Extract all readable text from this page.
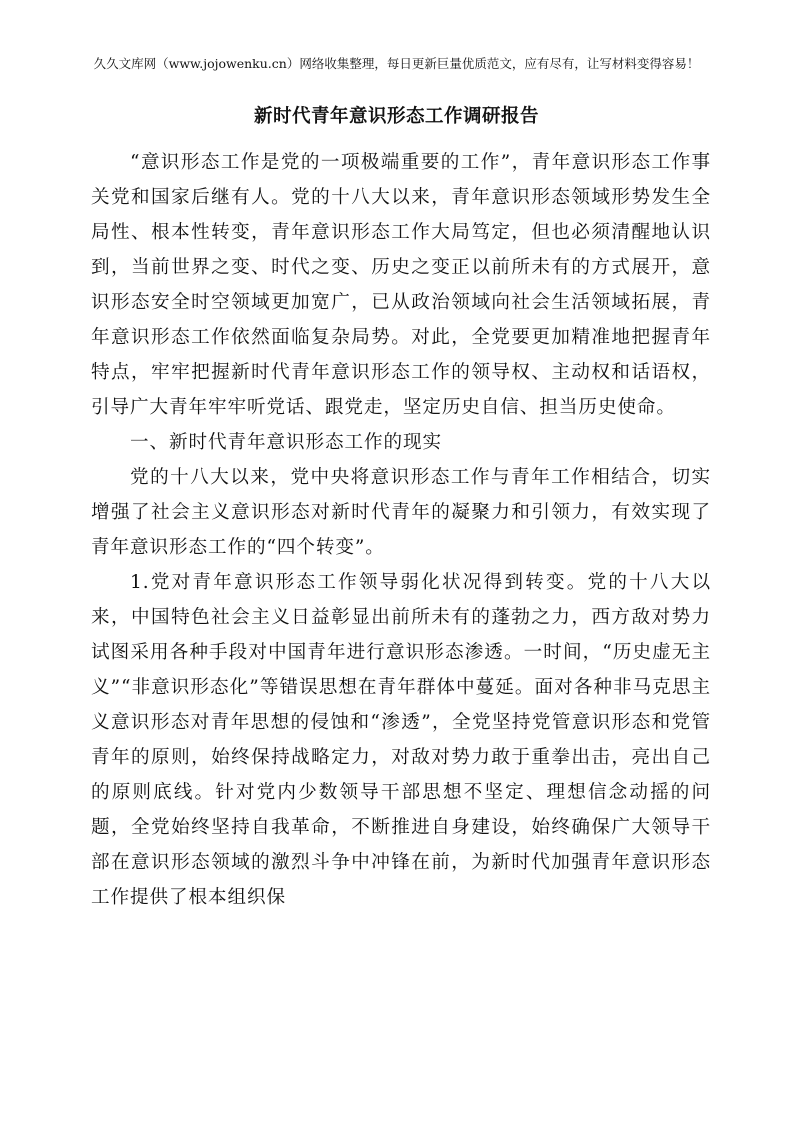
久久文库网（www.jojowenku.cn）网络收集整理，每日更新巨量优质范文，应有尽有，让写材料变得容易！
新时代青年意识形态工作调研报告

“意识形态工作是党的一项极端重要的工作”，青年意识形态工作事关党和国家后继有人。党的十八大以来，青年意识形态领域形势发生全局性、根本性转变，青年意识形态工作大局笃定，但也必须清醒地认识到，当前世界之变、时代之变、历史之变正以前所未有的方式展开，意识形态安全时空领域更加宽广，已从政治领域向社会生活领域拓展，青年意识形态工作依然面临复杂局势。对此，全党要更加精准地把握青年特点，牢牢把握新时代青年意识形态工作的领导权、主动权和话语权，引导广大青年牢牢听党话、跟党走，坚定历史自信、担当历史使命。

一、新时代青年意识形态工作的现实

党的十八大以来，党中央将意识形态工作与青年工作相结合，切实增强了社会主义意识形态对新时代青年的凝聚力和引领力，有效实现了青年意识形态工作的“四个转变”。

1.党对青年意识形态工作领导弱化状况得到转变。党的十八大以来，中国特色社会主义日益彰显出前所未有的蓬勃之力，西方敌对势力试图采用各种手段对中国青年进行意识形态渗透。一时间，“历史虚无主义”“非意识形态化”等错误思想在青年群体中蔓延。面对各种非马克思主义意识形态对青年思想的侵蚀和“渗透”，全党坚持党管意识形态和党管青年的原则，始终保持战略定力，对敌对势力敢于重拳出击，亮出自己的原则底线。针对党内少数领导干部思想不坚定、理想信念动摇的问题，全党始终坚持自我革命，不断推进自身建设，始终确保广大领导干部在意识形态领域的激烈斗争中冲锋在前，为新时代加强青年意识形态工作提供了根本组织保
